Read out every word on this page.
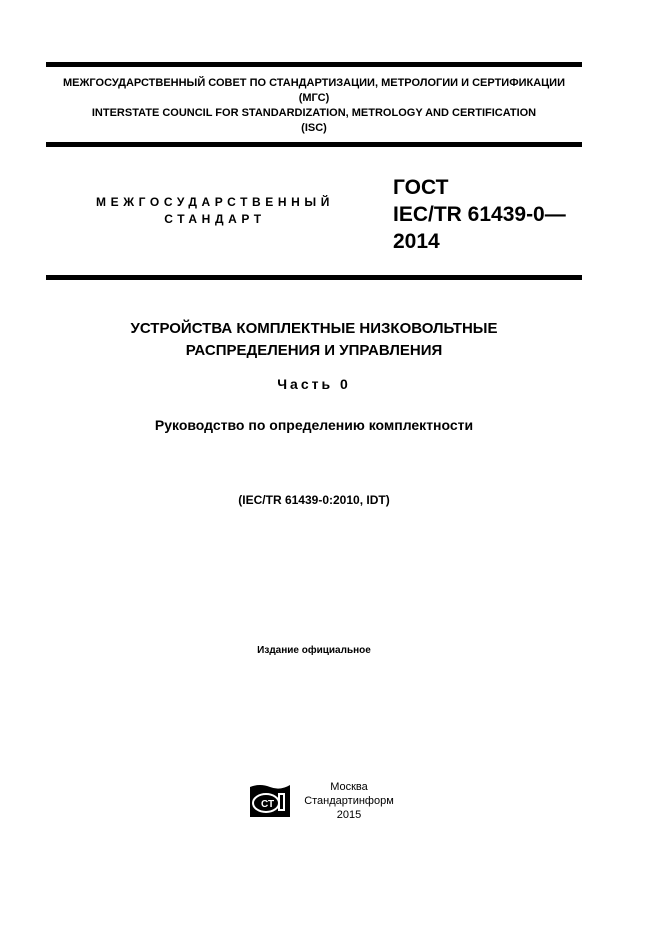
МЕЖГОСУДАРСТВЕННЫЙ СОВЕТ ПО СТАНДАРТИЗАЦИИ, МЕТРОЛОГИИ И СЕРТИФИКАЦИИ
(МГС)
INTERSTATE COUNCIL FOR STANDARDIZATION, METROLOGY AND CERTIFICATION
(ISC)
МЕЖГОСУДАРСТВЕННЫЙ
СТАНДАРТ
ГОСТ
IEC/TR 61439-0—
2014
УСТРОЙСТВА КОМПЛЕКТНЫЕ НИЗКОВОЛЬТНЫЕ
РАСПРЕДЕЛЕНИЯ И УПРАВЛЕНИЯ
Часть 0
Руководство по определению комплектности
(IEC/TR 61439-0:2010, IDT)
Издание официальное
СТ
Москва
Стандартинформ
2015
